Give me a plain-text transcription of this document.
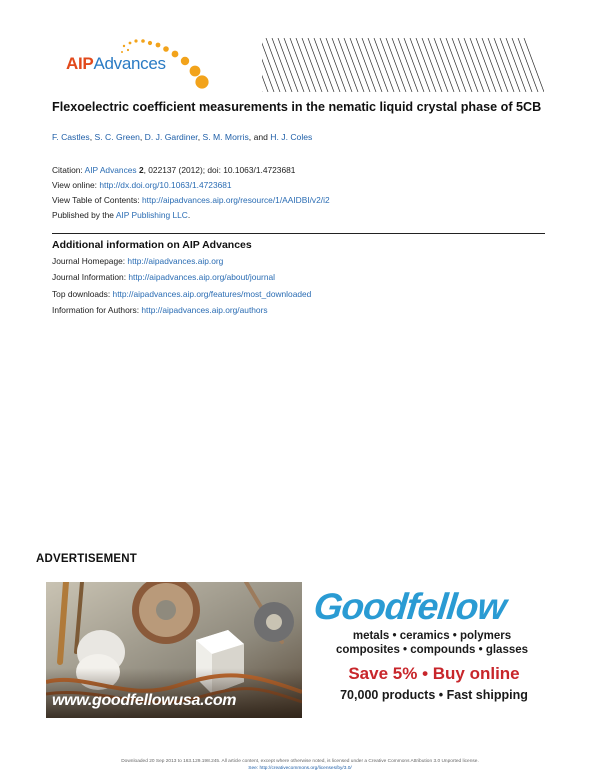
AIPAdvances
Flexoelectric coefficient measurements in the nematic liquid crystal phase of 5CB
F. Castles, S. C. Green, D. J. Gardiner, S. M. Morris, and H. J. Coles
Citation: AIP Advances 2, 022137 (2012); doi: 10.1063/1.4723681
View online: http://dx.doi.org/10.1063/1.4723681
View Table of Contents: http://aipadvances.aip.org/resource/1/AAIDBI/v2/i2
Published by the AIP Publishing LLC.
Additional information on AIP Advances
Journal Homepage: http://aipadvances.aip.org
Journal Information: http://aipadvances.aip.org/about/journal
Top downloads: http://aipadvances.aip.org/features/most_downloaded
Information for Authors: http://aipadvances.aip.org/authors
ADVERTISEMENT
www.goodfellowusa.com
Goodfellow
metals • ceramics • polymers
composites • compounds • glasses
Save 5% • Buy online
70,000 products • Fast shipping
Downloaded 20 Sep 2013 to 163.129.198.245. All article content, except where otherwise noted, is licensed under a Creative Commons Attribution 3.0 Unported license.
See: http://creativecommons.org/licenses/by/3.0/
